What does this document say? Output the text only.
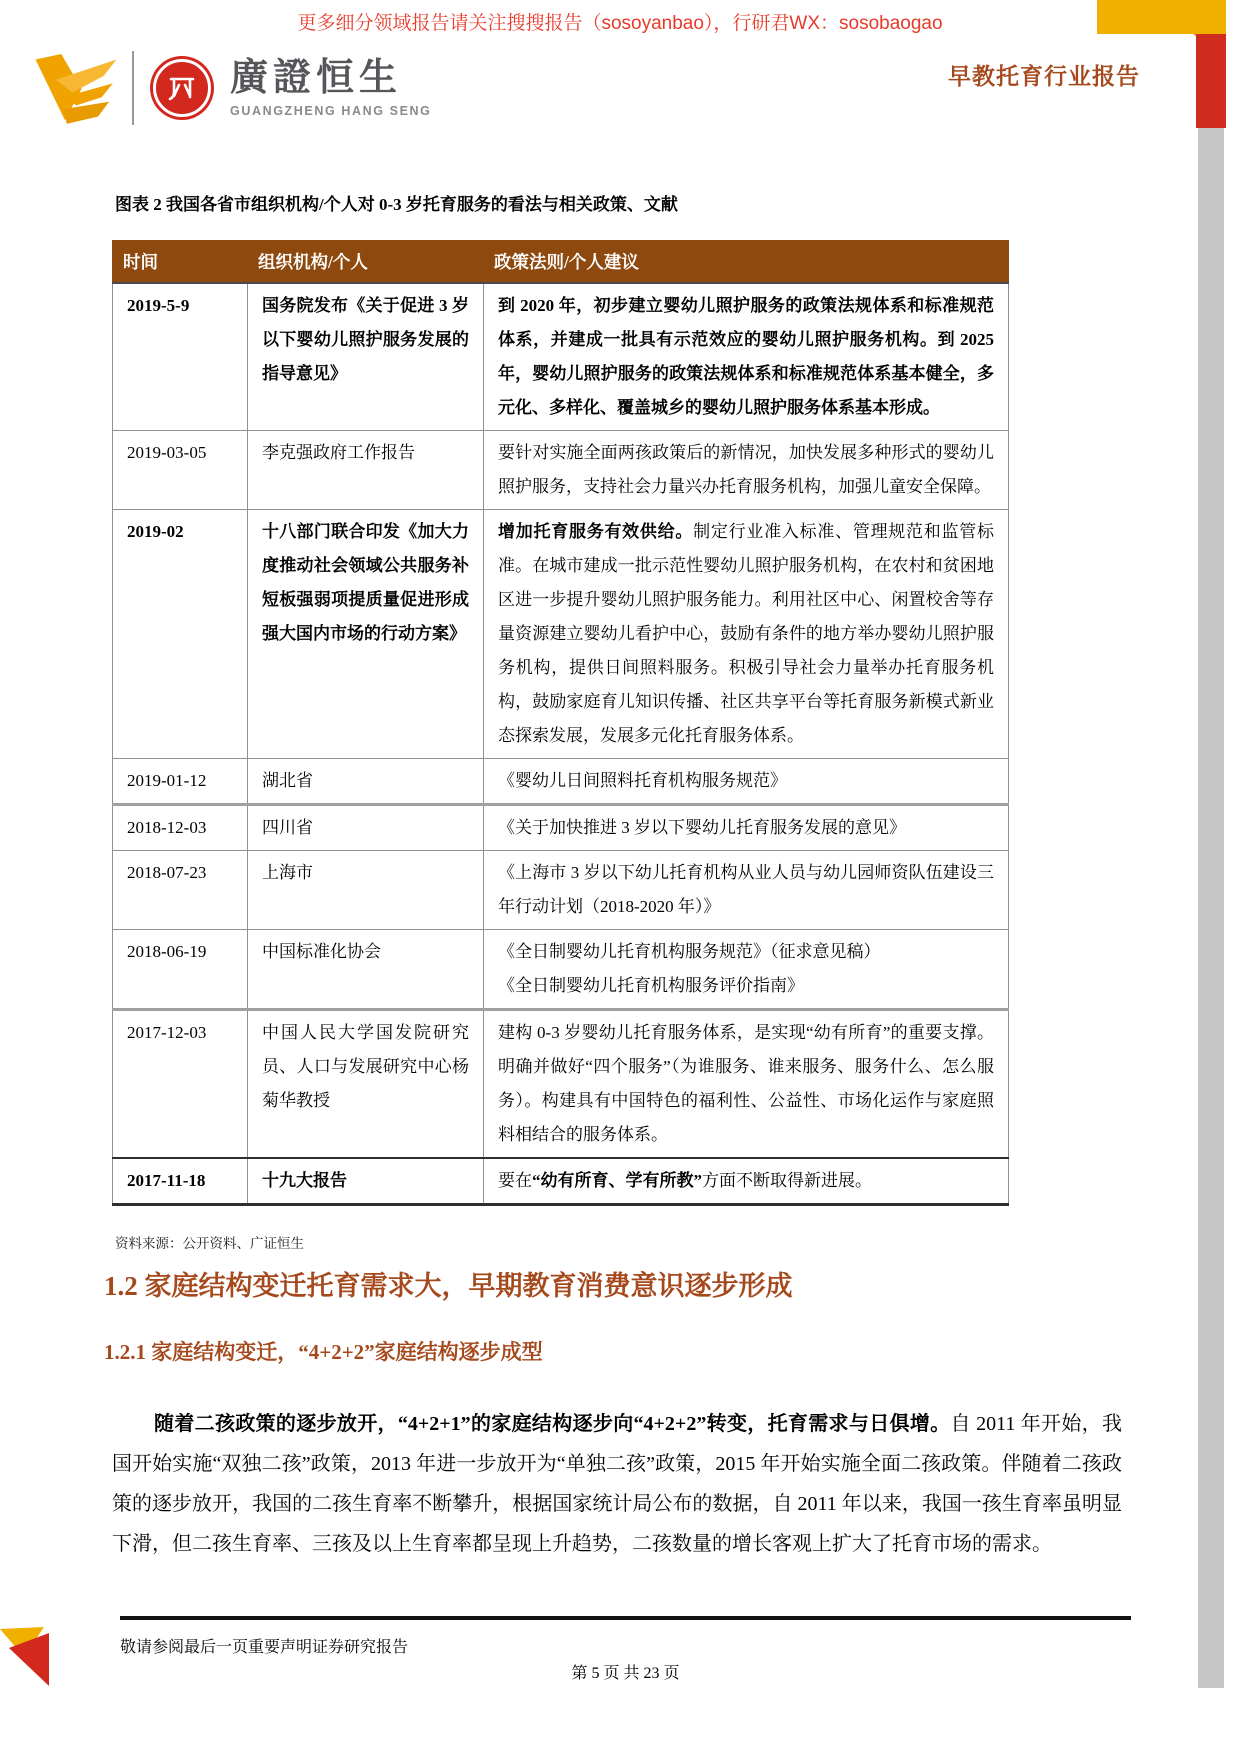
更多细分领域报告请关注搜搜报告（sosoyanbao），行研君WX：sosobaogao
廣證恒生
GUANGZHENG HANG SENG
早教托育行业报告
图表 2 我国各省市组织机构/个人对 0-3 岁托育服务的看法与相关政策、文献
时间	组织机构/个人	政策法则/个人建议
2019-5-9	国务院发布《关于促进 3 岁以下婴幼儿照护服务发展的指导意见》	到 2020 年，初步建立婴幼儿照护服务的政策法规体系和标准规范体系，并建成一批具有示范效应的婴幼儿照护服务机构。到 2025 年，婴幼儿照护服务的政策法规体系和标准规范体系基本健全，多元化、多样化、覆盖城乡的婴幼儿照护服务体系基本形成。
2019-03-05	李克强政府工作报告	要针对实施全面两孩政策后的新情况，加快发展多种形式的婴幼儿照护服务，支持社会力量兴办托育服务机构，加强儿童安全保障。
2019-02	十八部门联合印发《加大力度推动社会领域公共服务补短板强弱项提质量促进形成强大国内市场的行动方案》	增加托育服务有效供给。制定行业准入标准、管理规范和监管标准。在城市建成一批示范性婴幼儿照护服务机构，在农村和贫困地区进一步提升婴幼儿照护服务能力。利用社区中心、闲置校舍等存量资源建立婴幼儿看护中心，鼓励有条件的地方举办婴幼儿照护服务机构，提供日间照料服务。积极引导社会力量举办托育服务机构，鼓励家庭育儿知识传播、社区共享平台等托育服务新模式新业态探索发展，发展多元化托育服务体系。
2019-01-12	湖北省	《婴幼儿日间照料托育机构服务规范》
2018-12-03	四川省	《关于加快推进 3 岁以下婴幼儿托育服务发展的意见》
2018-07-23	上海市	《上海市 3 岁以下幼儿托育机构从业人员与幼儿园师资队伍建设三年行动计划（2018-2020 年）》
2018-06-19	中国标准化协会	《全日制婴幼儿托育机构服务规范》（征求意见稿）
《全日制婴幼儿托育机构服务评价指南》
2017-12-03	中国人民大学国发院研究员、人口与发展研究中心杨菊华教授	建构 0-3 岁婴幼儿托育服务体系，是实现“幼有所育”的重要支撑。明确并做好“四个服务”（为谁服务、谁来服务、服务什么、怎么服务）。构建具有中国特色的福利性、公益性、市场化运作与家庭照料相结合的服务体系。
2017-11-18	十九大报告	要在“幼有所育、学有所教”方面不断取得新进展。
资料来源：公开资料、广证恒生
1.2 家庭结构变迁托育需求大，早期教育消费意识逐步形成
1.2.1 家庭结构变迁，“4+2+2”家庭结构逐步成型
随着二孩政策的逐步放开，“4+2+1”的家庭结构逐步向“4+2+2”转变，托育需求与日俱增。自 2011 年开始，我国开始实施“双独二孩”政策，2013 年进一步放开为“单独二孩”政策，2015 年开始实施全面二孩政策。伴随着二孩政策的逐步放开，我国的二孩生育率不断攀升，根据国家统计局公布的数据，自 2011 年以来，我国一孩生育率虽明显下滑，但二孩生育率、三孩及以上生育率都呈现上升趋势，二孩数量的增长客观上扩大了托育市场的需求。
敬请参阅最后一页重要声明证券研究报告
第 5 页 共 23 页
